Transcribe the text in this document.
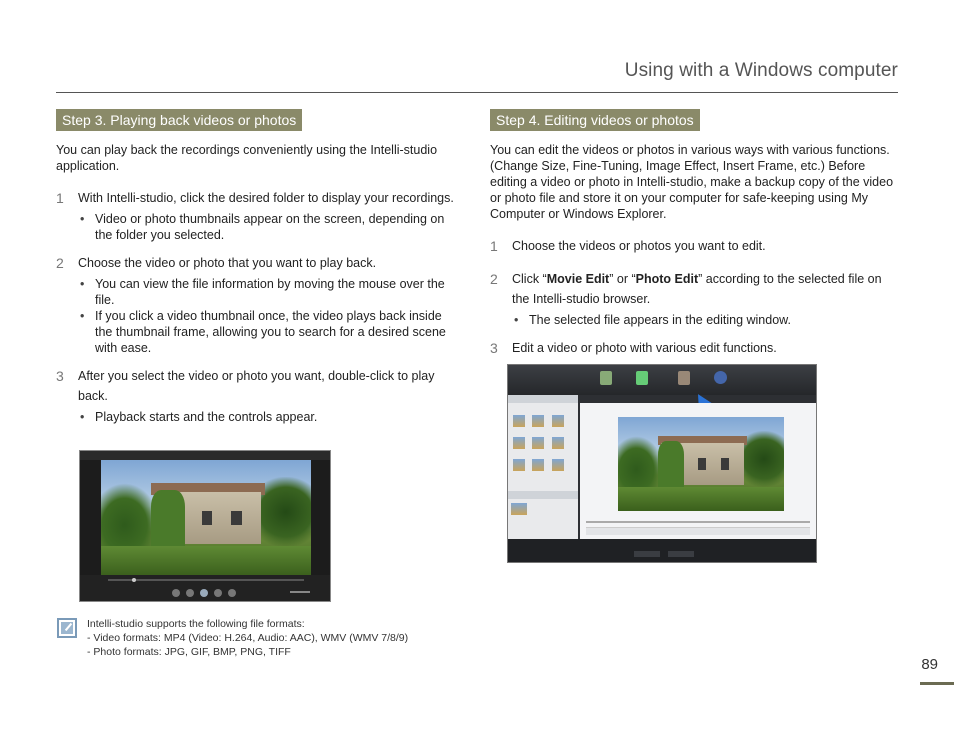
Using with a Windows computer
Step 3. Playing back videos or photos

You can play back the recordings conveniently using the Intelli-studio application.

1 With Intelli-studio, click the desired folder to display your recordings.
• Video or photo thumbnails appear on the screen, depending on the folder you selected.
2 Choose the video or photo that you want to play back.
• You can view the file information by moving the mouse over the file.
• If you click a video thumbnail once, the video plays back inside the thumbnail frame, allowing you to search for a desired scene with ease.
3 After you select the video or photo you want, double-click to play back.
• Playback starts and the controls appear.
Step 4. Editing videos or photos

You can edit the videos or photos in various ways with various functions. (Change Size, Fine-Tuning, Image Effect, Insert Frame, etc.) Before editing a video or photo in Intelli-studio, make a backup copy of the video or photo file and store it on your computer for safe-keeping using My Computer or Windows Explorer.

1 Choose the videos or photos you want to edit.
2 Click “Movie Edit” or “Photo Edit” according to the selected file on the Intelli-studio browser.
• The selected file appears in the editing window.
3 Edit a video or photo with various edit functions.
Intelli-studio supports the following file formats:
- Video formats: MP4 (Video: H.264, Audio: AAC), WMV (WMV 7/8/9)
- Photo formats: JPG, GIF, BMP, PNG, TIFF
89
